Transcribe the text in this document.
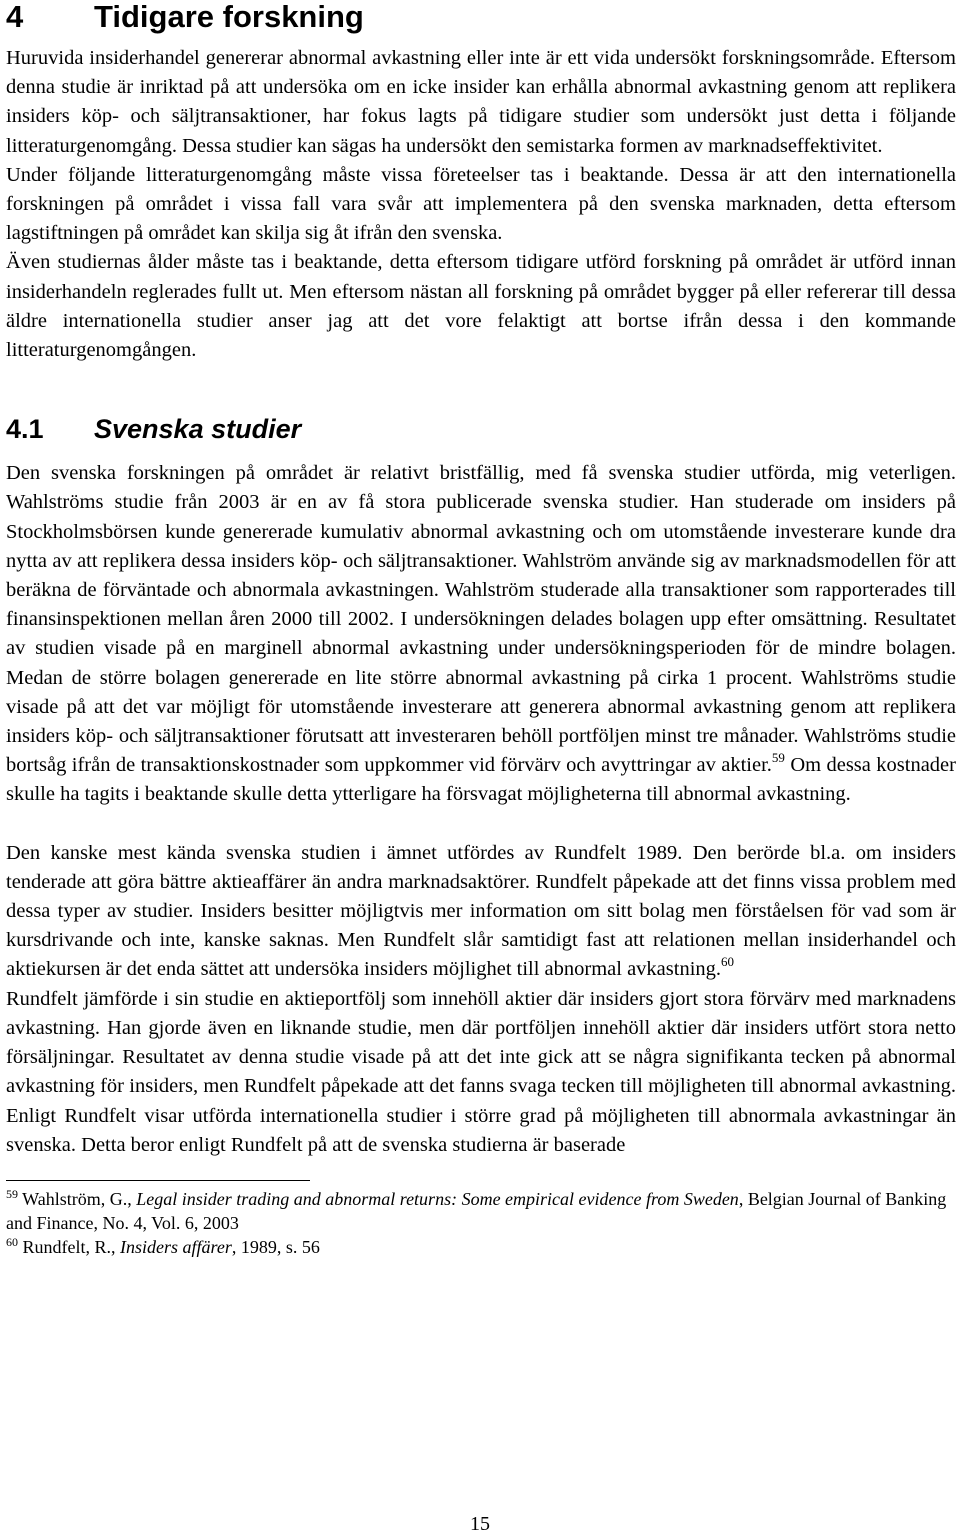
4 Tidigare forskning

Huruvida insiderhandel genererar abnormal avkastning eller inte är ett vida undersökt forskningsområde. Eftersom denna studie är inriktad på att undersöka om en icke insider kan erhålla abnormal avkastning genom att replikera insiders köp- och säljtransaktioner, har fokus lagts på tidigare studier som undersökt just detta i följande litteraturgenomgång. Dessa studier kan sägas ha undersökt den semistarka formen av marknadseffektivitet.

Under följande litteraturgenomgång måste vissa företeelser tas i beaktande. Dessa är att den internationella forskningen på området i vissa fall vara svår att implementera på den svenska marknaden, detta eftersom lagstiftningen på området kan skilja sig åt ifrån den svenska.

Även studiernas ålder måste tas i beaktande, detta eftersom tidigare utförd forskning på området är utförd innan insiderhandeln reglerades fullt ut. Men eftersom nästan all forskning på området bygger på eller refererar till dessa äldre internationella studier anser jag att det vore felaktigt att bortse ifrån dessa i den kommande litteraturgenomgången.

4.1 Svenska studier

Den svenska forskningen på området är relativt bristfällig, med få svenska studier utförda, mig veterligen. Wahlströms studie från 2003 är en av få stora publicerade svenska studier. Han studerade om insiders på Stockholmsbörsen kunde genererade kumulativ abnormal avkastning och om utomstående investerare kunde dra nytta av att replikera dessa insiders köp- och säljtransaktioner. Wahlström använde sig av marknadsmodellen för att beräkna de förväntade och abnormala avkastningen. Wahlström studerade alla transaktioner som rapporterades till finansinspektionen mellan åren 2000 till 2002. I undersökningen delades bolagen upp efter omsättning. Resultatet av studien visade på en marginell abnormal avkastning under undersökningsperioden för de mindre bolagen. Medan de större bolagen genererade en lite större abnormal avkastning på cirka 1 procent. Wahlströms studie visade på att det var möjligt för utomstående investerare att generera abnormal avkastning genom att replikera insiders köp- och säljtransaktioner förutsatt att investeraren behöll portföljen minst tre månader. Wahlströms studie bortsåg ifrån de transaktionskostnader som uppkommer vid förvärv och avyttringar av aktier.$^{59}$ Om dessa kostnader skulle ha tagits i beaktande skulle detta ytterligare ha försvagat möjligheterna till abnormal avkastning.

Den kanske mest kända svenska studien i ämnet utfördes av Rundfelt 1989. Den berörde bl.a. om insiders tenderade att göra bättre aktieaffärer än andra marknadsaktörer. Rundfelt påpekade att det finns vissa problem med dessa typer av studier. Insiders besitter möjligtvis mer information om sitt bolag men förståelsen för vad som är kursdrivande och inte, kanske saknas. Men Rundfelt slår samtidigt fast att relationen mellan insiderhandel och aktiekursen är det enda sättet att undersöka insiders möjlighet till abnormal avkastning.$^{60}$

Rundfelt jämförde i sin studie en aktieportfölj som innehöll aktier där insiders gjort stora förvärv med marknadens avkastning. Han gjorde även en liknande studie, men där portföljen innehöll aktier där insiders utfört stora netto försäljningar. Resultatet av denna studie visade på att det inte gick att se några signifikanta tecken på abnormal avkastning för insiders, men Rundfelt påpekade att det fanns svaga tecken till möjligheten till abnormal avkastning. Enligt Rundfelt visar utförda internationella studier i större grad på möjligheten till abnormala avkastningar än svenska. Detta beror enligt Rundfelt på att de svenska studierna är baserade

$^{59}$ Wahlström, G., Legal insider trading and abnormal returns: Some empirical evidence from Sweden, Belgian Journal of Banking and Finance, No. 4, Vol. 6, 2003

$^{60}$ Rundfelt, R., Insiders affärer, 1989, s. 56

15
